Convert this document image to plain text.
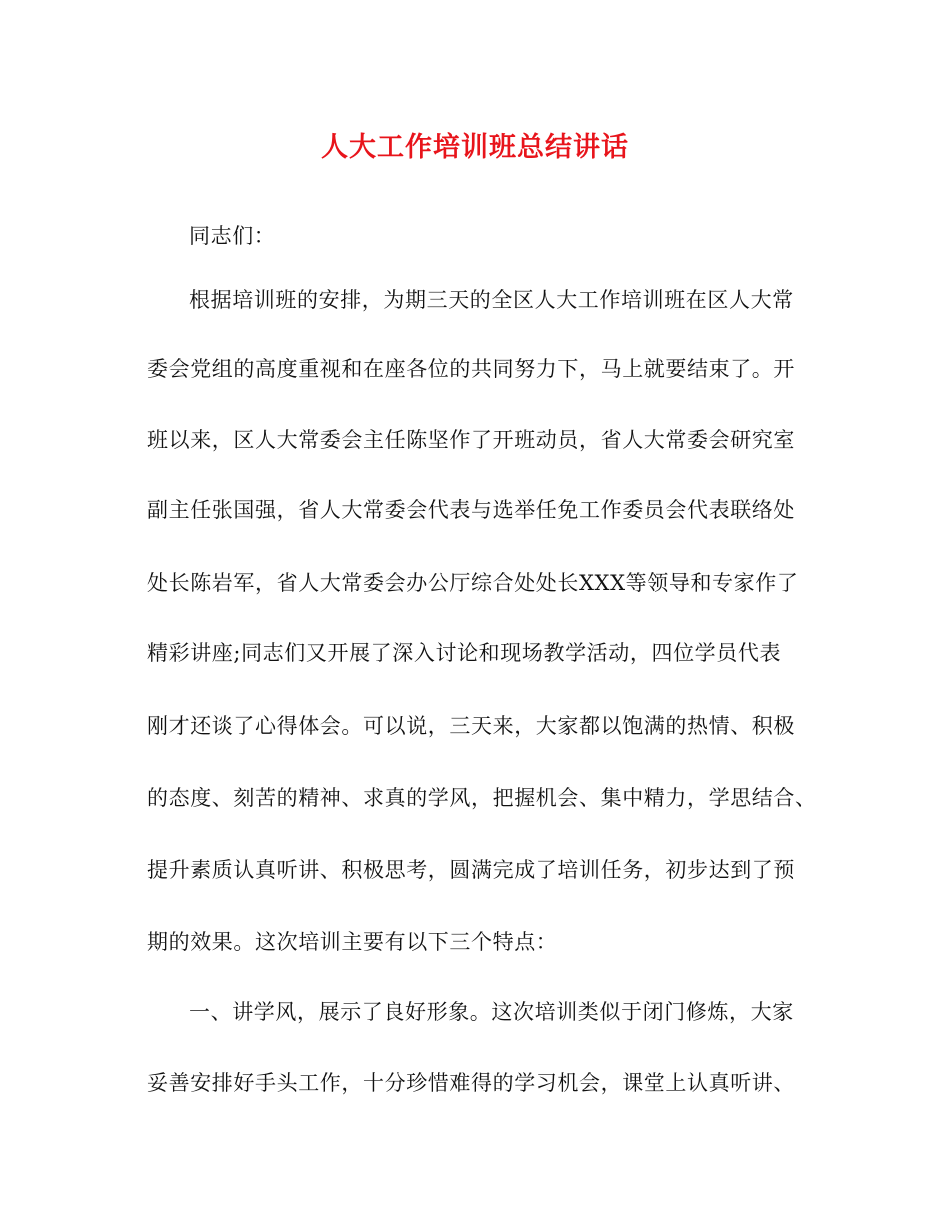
人大工作培训班总结讲话
同志们：
根据培训班的安排，为期三天的全区人大工作培训班在区人大常
委会党组的高度重视和在座各位的共同努力下，马上就要结束了。开
班以来，区人大常委会主任陈坚作了开班动员，省人大常委会研究室
副主任张国强，省人大常委会代表与选举任免工作委员会代表联络处
处长陈岩军，省人大常委会办公厅综合处处长XXX等领导和专家作了
精彩讲座;同志们又开展了深入讨论和现场教学活动，四位学员代表
刚才还谈了心得体会。可以说，三天来，大家都以饱满的热情、积极
的态度、刻苦的精神、求真的学风，把握机会、集中精力，学思结合、
提升素质认真听讲、积极思考，圆满完成了培训任务，初步达到了预
期的效果。这次培训主要有以下三个特点：
一、讲学风，展示了良好形象。这次培训类似于闭门修炼，大家
妥善安排好手头工作，十分珍惜难得的学习机会，课堂上认真听讲、
